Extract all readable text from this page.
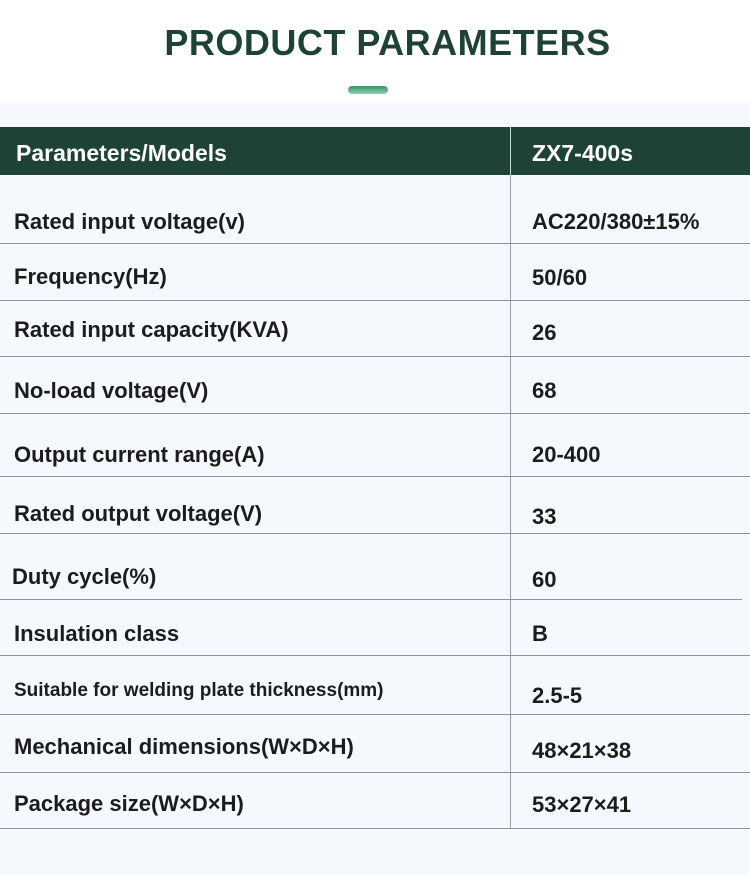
PRODUCT PARAMETERS
Parameters/Models	ZX7-400s
Rated input voltage(v)	AC220/380±15%
Frequency(Hz)	50/60
Rated input capacity(KVA)	26
No-load voltage(V)	68
Output current range(A)	20-400
Rated output voltage(V)	33
Duty cycle(%)	60
Insulation class	B
Suitable for welding plate thickness(mm)	2.5-5
Mechanical dimensions(W×D×H)	48×21×38
Package size(W×D×H)	53×27×41
